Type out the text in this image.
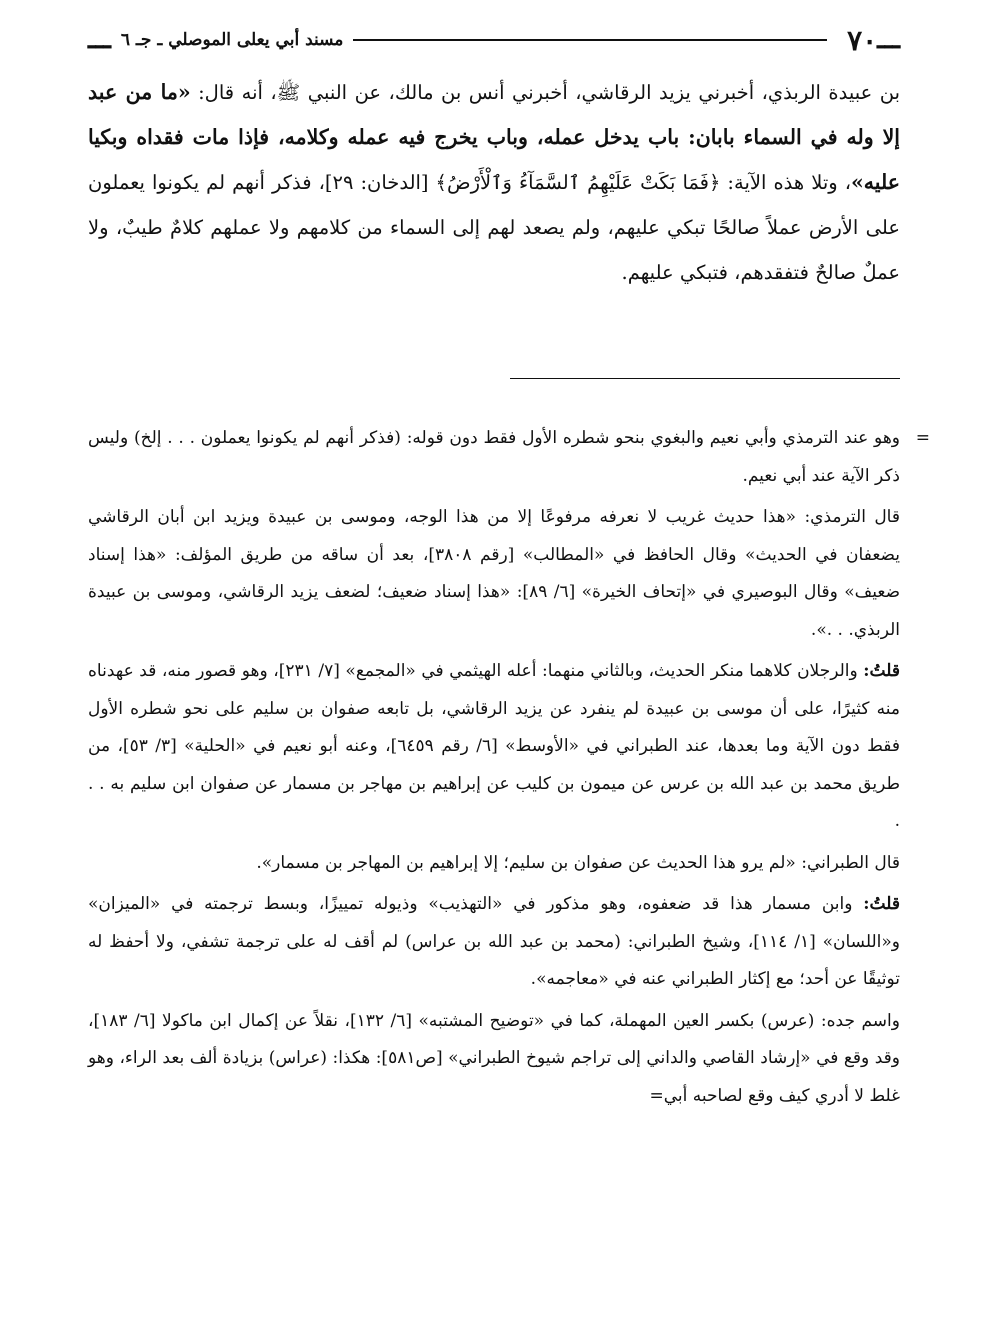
ـــ
٧٠
مسند أبي يعلى الموصلي ـ جـ ٦
ـــ

بن عبيدة الربذي، أخبرني يزيد الرقاشي، أخبرني أنس بن مالك، عن النبي ﷺ، أنه قال: «ما من عبد إلا وله في السماء بابان: باب يدخل عمله، وباب يخرج فيه عمله وكلامه، فإذا مات فقداه وبكيا عليه»، وتلا هذه الآية: ﴿فَمَا بَكَتْ عَلَيْهِمُ ٱلسَّمَآءُ وَٱلْأَرْضُ﴾ [الدخان: ٢٩]، فذكر أنهم لم يكونوا يعملون على الأرض عملاً صالحًا تبكي عليهم، ولم يصعد لهم إلى السماء من كلامهم ولا عملهم كلامٌ طيبٌ، ولا عملٌ صالحٌ فتفقدهم، فتبكي عليهم.

=
وهو عند الترمذي وأبي نعيم والبغوي بنحو شطره الأول فقط دون قوله: (فذكر أنهم لم يكونوا يعملون . . . إلخ) وليس ذكر الآية عند أبي نعيم.

قال الترمذي: «هذا حديث غريب لا نعرفه مرفوعًا إلا من هذا الوجه، وموسى بن عبيدة ويزيد ابن أبان الرقاشي يضعفان في الحديث» وقال الحافظ في «المطالب» [رقم ٣٨٠٨]، بعد أن ساقه من طريق المؤلف: «هذا إسناد ضعيف» وقال البوصيري في «إتحاف الخيرة» [٦/ ٨٩]: «هذا إسناد ضعيف؛ لضعف يزيد الرقاشي، وموسى بن عبيدة الربذي. . .».

قلتُ: والرجلان كلاهما منكر الحديث، وبالثاني منهما: أعله الهيثمي في «المجمع» [٧/ ٢٣١]، وهو قصور منه، قد عهدناه منه كثيرًا، على أن موسى بن عبيدة لم ينفرد عن يزيد الرقاشي، بل تابعه صفوان بن سليم على نحو شطره الأول فقط دون الآية وما بعدها، عند الطبراني في «الأوسط» [٦/ رقم ٦٤٥٩]، وعنه أبو نعيم في «الحلية» [٣/ ٥٣]، من طريق محمد بن عبد الله بن عرس عن ميمون بن كليب عن إبراهيم بن مهاجر بن مسمار عن صفوان ابن سليم به . . .

قال الطبراني: «لم يرو هذا الحديث عن صفوان بن سليم؛ إلا إبراهيم بن المهاجر بن مسمار».

قلتُ: وابن مسمار هذا قد ضعفوه، وهو مذكور في «التهذيب» وذيوله تمييزًا، وبسط ترجمته في «الميزان» و«اللسان» [١/ ١١٤]، وشيخ الطبراني: (محمد بن عبد الله بن عراس) لم أقف له على ترجمة تشفي، ولا أحفظ له توثيقًا عن أحد؛ مع إكثار الطبراني عنه في «معاجمه».

واسم جده: (عرس) بكسر العين المهملة، كما في «توضيح المشتبه» [٦/ ١٣٢]، نقلاً عن إكمال ابن ماكولا [٦/ ١٨٣]، وقد وقع في «إرشاد القاصي والداني إلى تراجم شيوخ الطبراني» [ص٥٨١]: هكذا: (عراس) بزيادة ألف بعد الراء، وهو غلط لا أدري كيف وقع لصاحبه أبي=
